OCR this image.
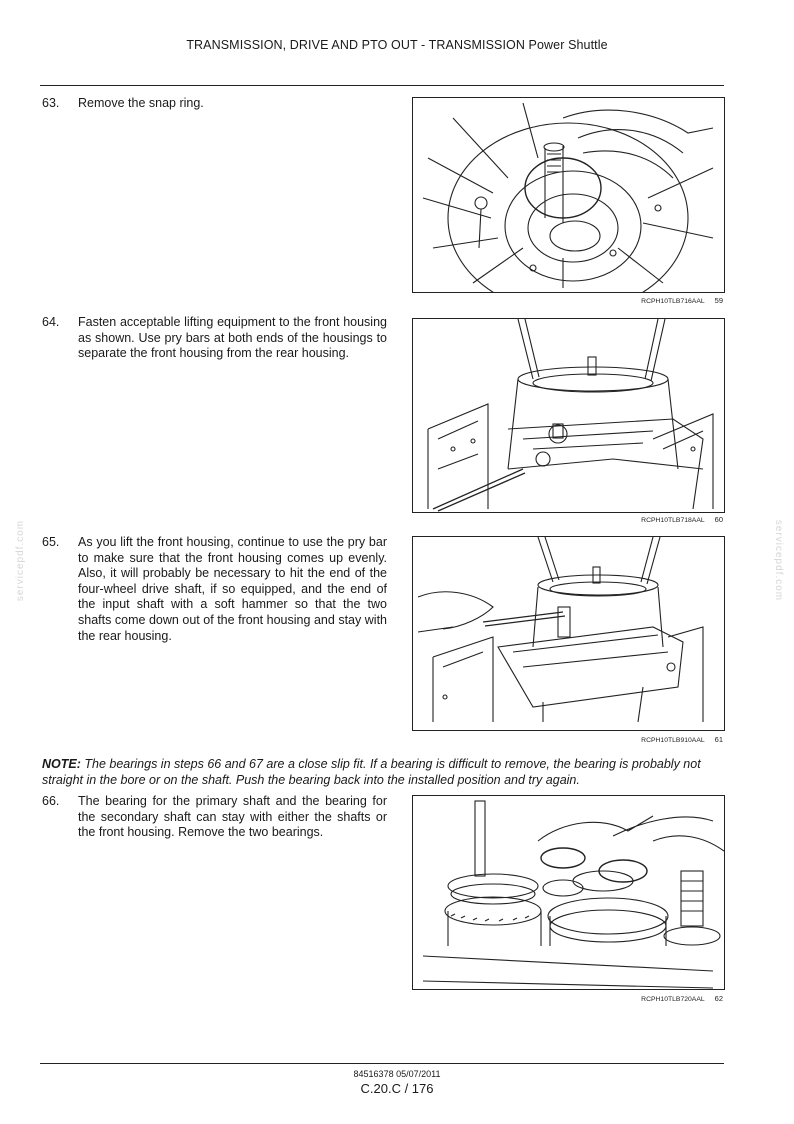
TRANSMISSION, DRIVE AND PTO OUT - TRANSMISSION Power Shuttle
servicepdf.com	servicepdf.com
63. Remove the snap ring.
RCPH10TLB716AAL 59
64. Fasten acceptable lifting equipment to the front housing as shown. Use pry bars at both ends of the housings to separate the front housing from the rear housing.
RCPH10TLB718AAL 60
65. As you lift the front housing, continue to use the pry bar to make sure that the front housing comes up evenly. Also, it will probably be necessary to hit the end of the four-wheel drive shaft, if so equipped, and the end of the input shaft with a soft hammer so that the two shafts come down out of the front housing and stay with the rear housing.
RCPH10TLB910AAL 61
NOTE: The bearings in steps 66 and 67 are a close slip fit. If a bearing is difficult to remove, the bearing is probably not straight in the bore or on the shaft. Push the bearing back into the installed position and try again.
66. The bearing for the primary shaft and the bearing for the secondary shaft can stay with either the shafts or the front housing. Remove the two bearings.
RCPH10TLB720AAL 62
84516378 05/07/2011
C.20.C / 176
